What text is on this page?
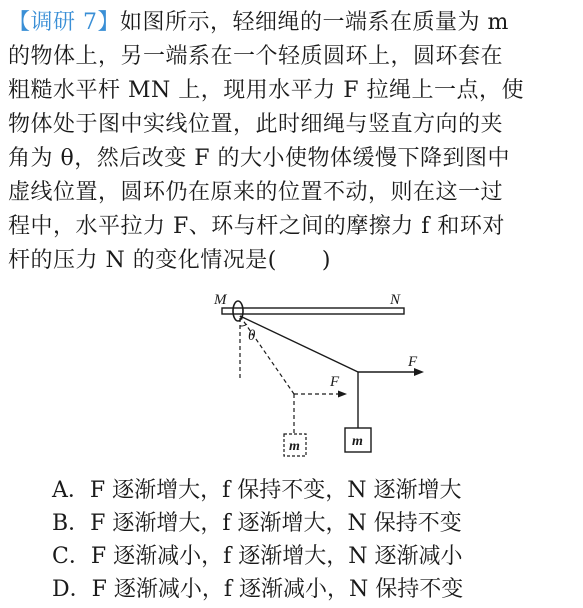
【调研 7】如图所示，轻细绳的一端系在质量为 m
的物体上，另一端系在一个轻质圆环上，圆环套在
粗糙水平杆 MN 上，现用水平力 F 拉绳上一点，使
物体处于图中实线位置，此时细绳与竖直方向的夹
角为 θ，然后改变 F 的大小使物体缓慢下降到图中
虚线位置，圆环仍在原来的位置不动，则在这一过
程中，水平拉力 F、环与杆之间的摩擦力 f 和环对
杆的压力 N 的变化情况是(　　)
M	N
θ
F
F
m
m
A．F 逐渐增大，f 保持不变，N 逐渐增大
B．F 逐渐增大，f 逐渐增大，N 保持不变
C．F 逐渐减小，f 逐渐增大，N 逐渐减小
D．F 逐渐减小，f 逐渐减小，N 保持不变
